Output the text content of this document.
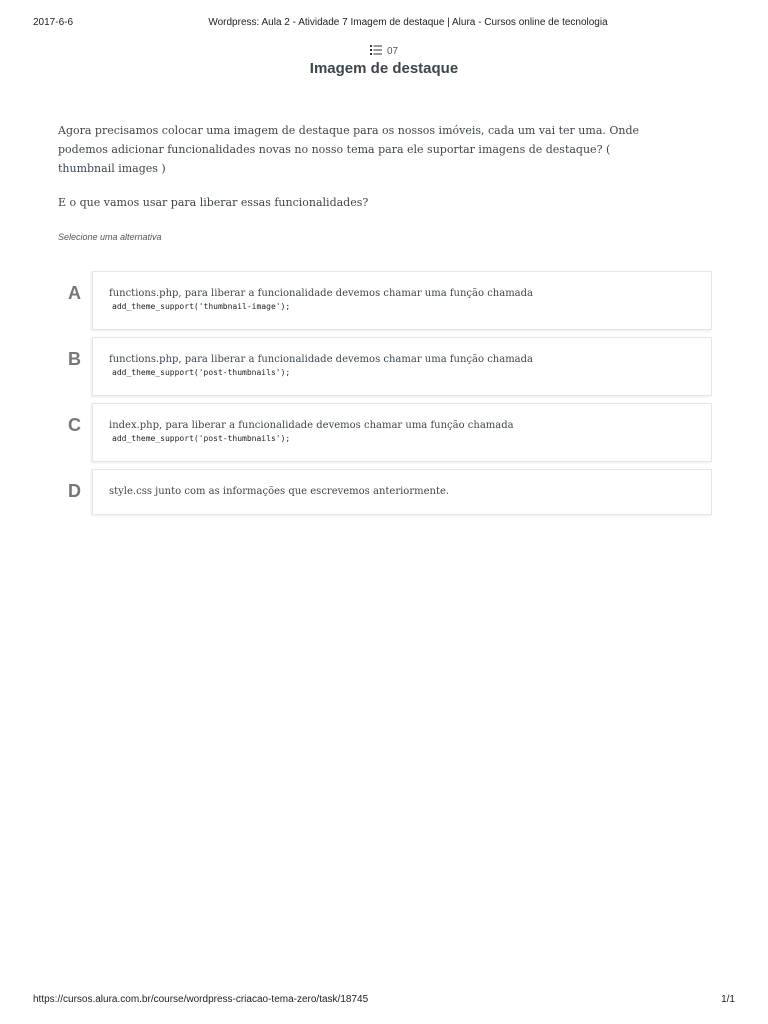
2017-6-6	Wordpress: Aula 2 - Atividade 7 Imagem de destaque | Alura - Cursos online de tecnologia
07
Imagem de destaque

Agora precisamos colocar uma imagem de destaque para os nossos imóveis, cada um vai ter uma. Onde podemos adicionar funcionalidades novas no nosso tema para ele suportar imagens de destaque? ( thumbnail images )

E o que vamos usar para liberar essas funcionalidades?

Selecione uma alternativa
A	functions.php, para liberar a funcionalidade devemos chamar uma função chamada
add_theme_support('thumbnail-image');
B	functions.php, para liberar a funcionalidade devemos chamar uma função chamada
add_theme_support('post-thumbnails');
C	index.php, para liberar a funcionalidade devemos chamar uma função chamada
add_theme_support('post-thumbnails');
D	style.css junto com as informações que escrevemos anteriormente.
https://cursos.alura.com.br/course/wordpress-criacao-tema-zero/task/18745	1/1
